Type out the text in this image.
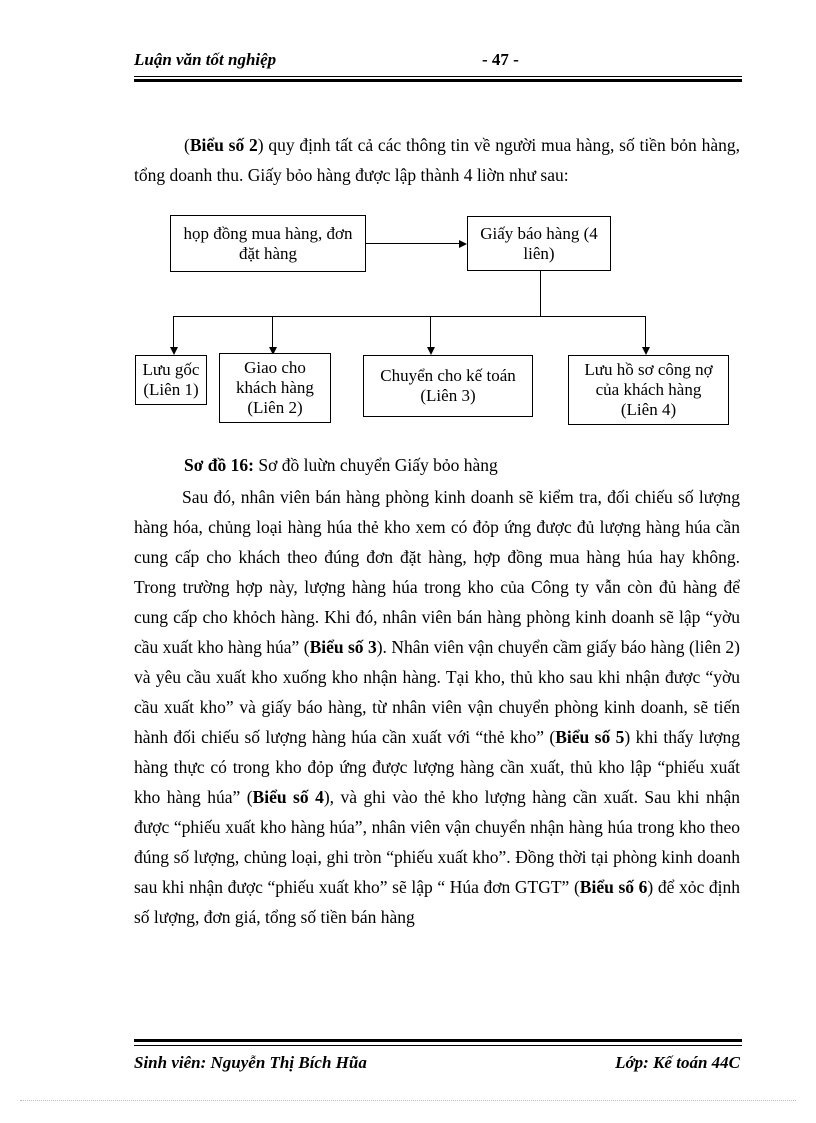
Luận văn tốt nghiệp	- 47 -

(Biểu số 2) quy định tất cả các thông tin về người mua hàng, số tiền bỏn hàng, tổng doanh thu. Giấy bỏo hàng được lập thành 4 liờn như sau:

họp đồng mua hàng, đơn đặt hàng
Giấy báo hàng (4 liên)
Lưu gốc (Liên 1)
Giao cho khách hàng (Liên 2)
Chuyển cho kế toán (Liên 3)
Lưu hồ sơ công nợ của khách hàng (Liên 4)
Sơ đồ 16: Sơ đồ luừn chuyển Giấy bỏo hàng

Sau đó, nhân viên bán hàng phòng kinh doanh sẽ kiểm tra, đối chiếu số lượng hàng hóa, chủng loại hàng húa thẻ kho xem có đỏp ứng được đủ lượng hàng húa cần cung cấp cho khách theo đúng đơn đặt hàng, hợp đồng mua hàng húa hay không. Trong trường hợp này, lượng hàng húa trong kho của Công ty vẫn còn đủ hàng để cung cấp cho khỏch hàng. Khi đó, nhân viên bán hàng phòng kinh doanh sẽ lập “yờu cầu xuất kho hàng húa” (Biểu số 3). Nhân viên vận chuyển cầm giấy báo hàng (liên 2) và yêu cầu xuất kho xuống kho nhận hàng. Tại kho, thủ kho sau khi nhận được “yờu cầu xuất kho” và giấy báo hàng, từ nhân viên vận chuyển phòng kinh doanh, sẽ tiến hành đối chiếu số lượng hàng húa cần xuất với “thẻ kho” (Biểu số 5) khi thấy lượng hàng thực có trong kho đỏp ứng được lượng hàng cần xuất, thủ kho lập “phiếu xuất kho hàng húa” (Biểu số 4), và ghi vào thẻ kho lượng hàng cần xuất. Sau khi nhận được “phiếu xuất kho hàng húa”, nhân viên vận chuyển nhận hàng húa trong kho theo đúng số lượng, chủng loại, ghi tròn “phiếu xuất kho”. Đồng thời tại phòng kinh doanh sau khi nhận được “phiếu xuất kho” sẽ lập “ Húa đơn GTGT” (Biểu số 6) để xỏc định số lượng, đơn giá, tổng số tiền bán hàng

Sinh viên: Nguyễn Thị Bích Hũa	Lớp: Kế toán 44C
